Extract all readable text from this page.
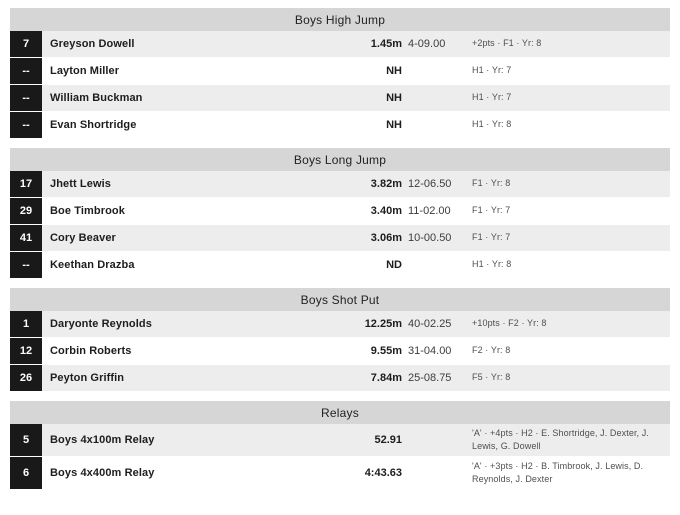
Boys High Jump
7	Greyson Dowell	1.45m 4-09.00	+2pts · F1 · Yr: 8
--	Layton Miller	NH	H1 · Yr: 7
--	William Buckman	NH	H1 · Yr: 7
--	Evan Shortridge	NH	H1 · Yr: 8
Boys Long Jump
17	Jhett Lewis	3.82m 12-06.50	F1 · Yr: 8
29	Boe Timbrook	3.40m 11-02.00	F1 · Yr: 7
41	Cory Beaver	3.06m 10-00.50	F1 · Yr: 7
--	Keethan Drazba	ND	H1 · Yr: 8
Boys Shot Put
1	Daryonte Reynolds	12.25m 40-02.25	+10pts · F2 · Yr: 8
12	Corbin Roberts	9.55m 31-04.00	F2 · Yr: 8
26	Peyton Griffin	7.84m 25-08.75	F5 · Yr: 8
Relays
5	Boys 4x100m Relay	52.91
'A' · +4pts · H2 · E. Shortridge, J. Dexter, J. Lewis, G. Dowell
6	Boys 4x400m Relay	4:43.63
'A' · +3pts · H2 · B. Timbrook, J. Lewis, D. Reynolds, J. Dexter
